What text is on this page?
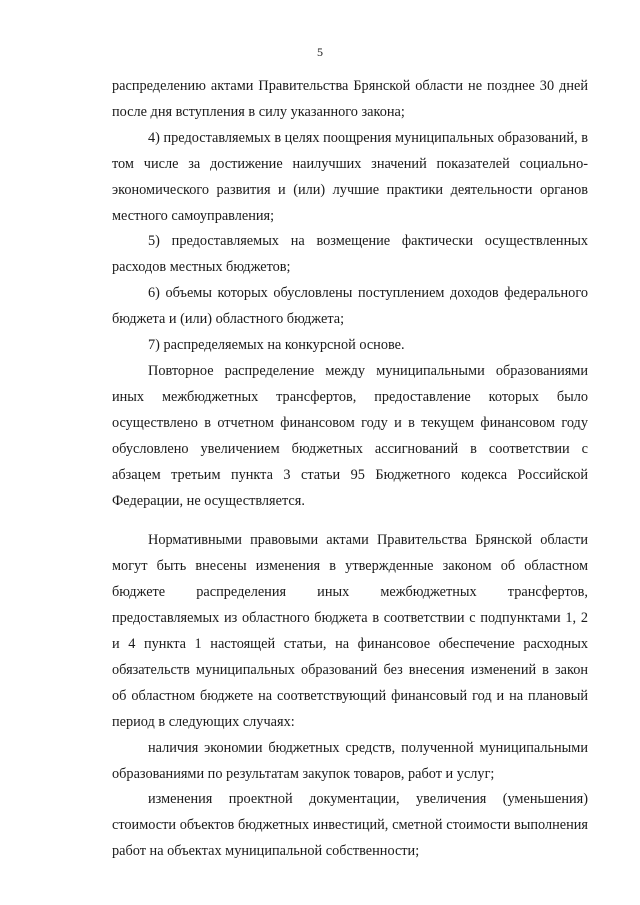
5

распределению актами Правительства Брянской области не позднее 30 дней после дня вступления в силу указанного закона;

4) предоставляемых в целях поощрения муниципальных образований, в том числе за достижение наилучших значений показателей социально-экономического развития и (или) лучшие практики деятельности органов местного самоуправления;

5) предоставляемых на возмещение фактически осуществленных расходов местных бюджетов;

6) объемы которых обусловлены поступлением доходов федерального бюджета и (или) областного бюджета;

7) распределяемых на конкурсной основе.

Повторное распределение между муниципальными образованиями иных межбюджетных трансфертов, предоставление которых было осуществлено в отчетном финансовом году и в текущем финансовом году обусловлено увеличением бюджетных ассигнований в соответствии с абзацем третьим пункта 3 статьи 95 Бюджетного кодекса Российской Федерации, не осуществляется.

Нормативными правовыми актами Правительства Брянской области могут быть внесены изменения в утвержденные законом об областном бюджете распределения иных межбюджетных трансфертов, предоставляемых из областного бюджета в соответствии с подпунктами 1, 2 и 4 пункта 1 настоящей статьи, на финансовое обеспечение расходных обязательств муниципальных образований без внесения изменений в закон об областном бюджете на соответствующий финансовый год и на плановый период в следующих случаях:

наличия экономии бюджетных средств, полученной муниципальными образованиями по результатам закупок товаров, работ и услуг;

изменения проектной документации, увеличения (уменьшения) стоимости объектов бюджетных инвестиций, сметной стоимости выполнения работ на объектах муниципальной собственности;
